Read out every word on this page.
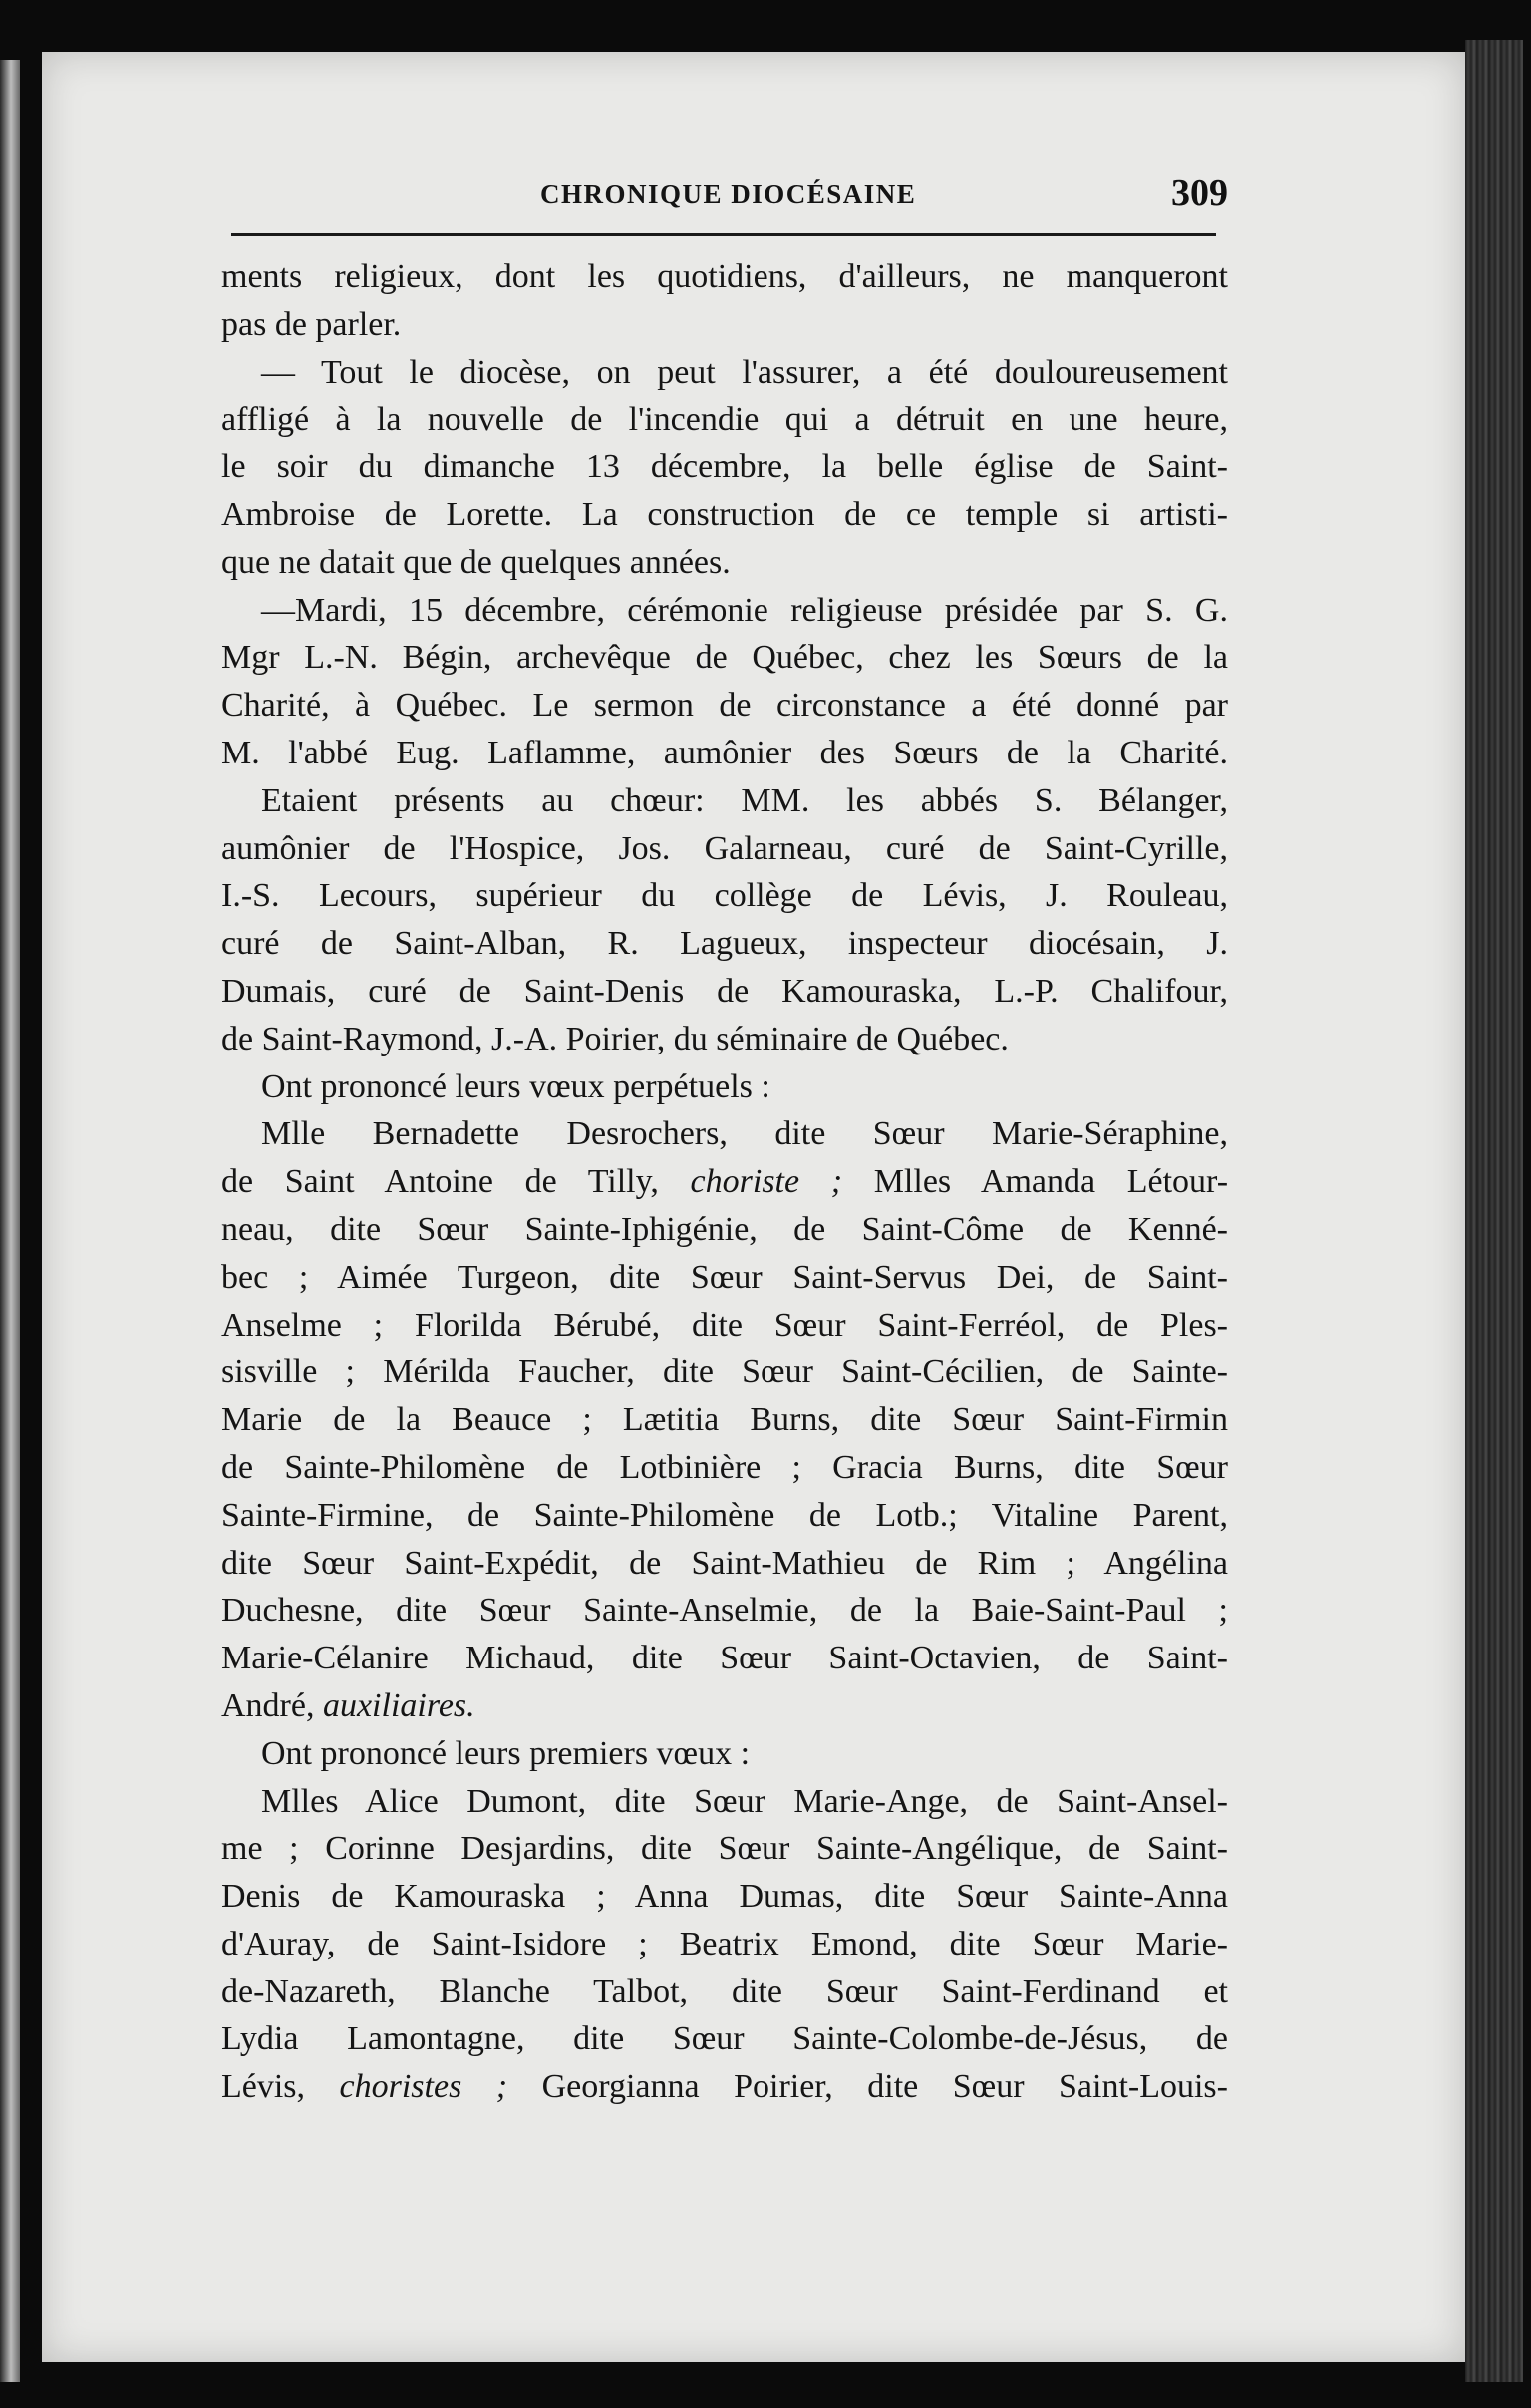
CHRONIQUE DIOCÉSAINE	309
ments religieux, dont les quotidiens, d'ailleurs, ne manqueront
pas de parler.
— Tout le diocèse, on peut l'assurer, a été douloureusement
affligé à la nouvelle de l'incendie qui a détruit en une heure,
le soir du dimanche 13 décembre, la belle église de Saint-
Ambroise de Lorette. La construction de ce temple si artisti-
que ne datait que de quelques années.
—Mardi, 15 décembre, cérémonie religieuse présidée par S. G.
Mgr L.-N. Bégin, archevêque de Québec, chez les Sœurs de la
Charité, à Québec. Le sermon de circonstance a été donné par
M. l'abbé Eug. Laflamme, aumônier des Sœurs de la Charité.
Etaient présents au chœur: MM. les abbés S. Bélanger,
aumônier de l'Hospice, Jos. Galarneau, curé de Saint-Cyrille,
I.-S. Lecours, supérieur du collège de Lévis, J. Rouleau,
curé de Saint-Alban, R. Lagueux, inspecteur diocésain, J.
Dumais, curé de Saint-Denis de Kamouraska, L.-P. Chalifour,
de Saint-Raymond, J.-A. Poirier, du séminaire de Québec.
Ont prononcé leurs vœux perpétuels :
Mlle Bernadette Desrochers, dite Sœur Marie-Séraphine,
de Saint Antoine de Tilly, choriste ; Mlles Amanda Létour-
neau, dite Sœur Sainte-Iphigénie, de Saint-Côme de Kenné-
bec ; Aimée Turgeon, dite Sœur Saint-Servus Dei, de Saint-
Anselme ; Florilda Bérubé, dite Sœur Saint-Ferréol, de Ples-
sisville ; Mérilda Faucher, dite Sœur Saint-Cécilien, de Sainte-
Marie de la Beauce ; Lætitia Burns, dite Sœur Saint-Firmin
de Sainte-Philomène de Lotbinière ; Gracia Burns, dite Sœur
Sainte-Firmine, de Sainte-Philomène de Lotb.; Vitaline Parent,
dite Sœur Saint-Expédit, de Saint-Mathieu de Rim ; Angélina
Duchesne, dite Sœur Sainte-Anselmie, de la Baie-Saint-Paul ;
Marie-Célanire Michaud, dite Sœur Saint-Octavien, de Saint-
André, auxiliaires.
Ont prononcé leurs premiers vœux :
Mlles Alice Dumont, dite Sœur Marie-Ange, de Saint-Ansel-
me ; Corinne Desjardins, dite Sœur Sainte-Angélique, de Saint-
Denis de Kamouraska ; Anna Dumas, dite Sœur Sainte-Anna
d'Auray, de Saint-Isidore ; Beatrix Emond, dite Sœur Marie-
de-Nazareth, Blanche Talbot, dite Sœur Saint-Ferdinand et
Lydia Lamontagne, dite Sœur Sainte-Colombe-de-Jésus, de
Lévis, choristes ; Georgianna Poirier, dite Sœur Saint-Louis-
